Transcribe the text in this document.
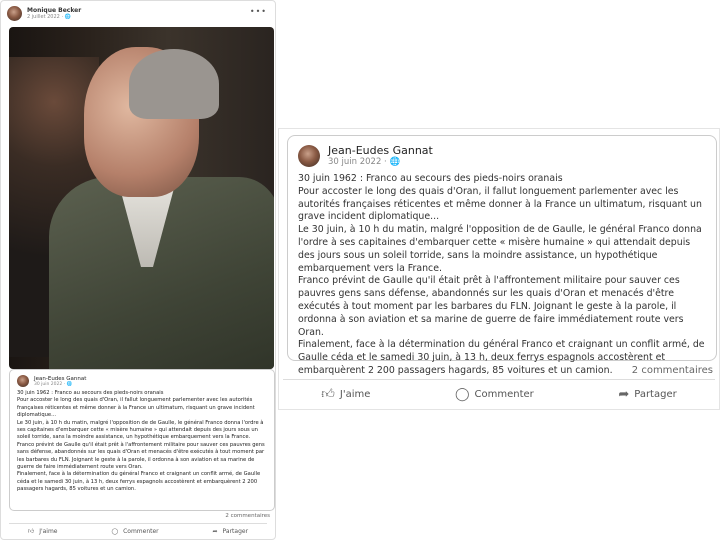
Monique Becker
2 juillet 2022 · 🌐
•••
Jean-Eudes Gannat
30 juin 2022 · 🌐
30 juin 1962 : Franco au secours des pieds-noirs oranais
Pour accoster le long des quais d'Oran, il fallut longuement parlementer avec les autorités françaises réticentes et même donner à la France un ultimatum, risquant un grave incident diplomatique...
Le 30 juin, à 10 h du matin, malgré l'opposition de de Gaulle, le général Franco donna l'ordre à ses capitaines d'embarquer cette « misère humaine » qui attendait depuis des jours sous un soleil torride, sans la moindre assistance, un hypothétique embarquement vers la France.
Franco prévint de Gaulle qu'il était prêt à l'affrontement militaire pour sauver ces pauvres gens sans défense, abandonnés sur les quais d'Oran et menacés d'être exécutés à tout moment par les barbares du FLN. Joignant le geste à la parole, il ordonna à son aviation et sa marine de guerre de faire immédiatement route vers Oran.
Finalement, face à la détermination du général Franco et craignant un conflit armé, de Gaulle céda et le samedi 30 juin, à 13 h, deux ferrys espagnols accostèrent et embarquèrent 2 200 passagers hagards, 85 voitures et un camion.
2 commentaires
👍︎ J'aime	◯ Commenter	➦ Partager
Jean-Eudes Gannat
30 juin 2022 · 🌐
30 juin 1962 : Franco au secours des pieds-noirs oranais
Pour accoster le long des quais d'Oran, il fallut longuement parlementer avec les autorités françaises réticentes et même donner à la France un ultimatum, risquant un grave incident diplomatique...
Le 30 juin, à 10 h du matin, malgré l'opposition de de Gaulle, le général Franco donna l'ordre à ses capitaines d'embarquer cette « misère humaine » qui attendait depuis des jours sous un soleil torride, sans la moindre assistance, un hypothétique embarquement vers la France.
Franco prévint de Gaulle qu'il était prêt à l'affrontement militaire pour sauver ces pauvres gens sans défense, abandonnés sur les quais d'Oran et menacés d'être exécutés à tout moment par les barbares du FLN. Joignant le geste à la parole, il ordonna à son aviation et sa marine de guerre de faire immédiatement route vers Oran.
Finalement, face à la détermination du général Franco et craignant un conflit armé, de Gaulle céda et le samedi 30 juin, à 13 h, deux ferrys espagnols accostèrent et embarquèrent 2 200 passagers hagards, 85 voitures et un camion.	2 commentaires
👍︎ J'aime	◯ Commenter	➦ Partager
